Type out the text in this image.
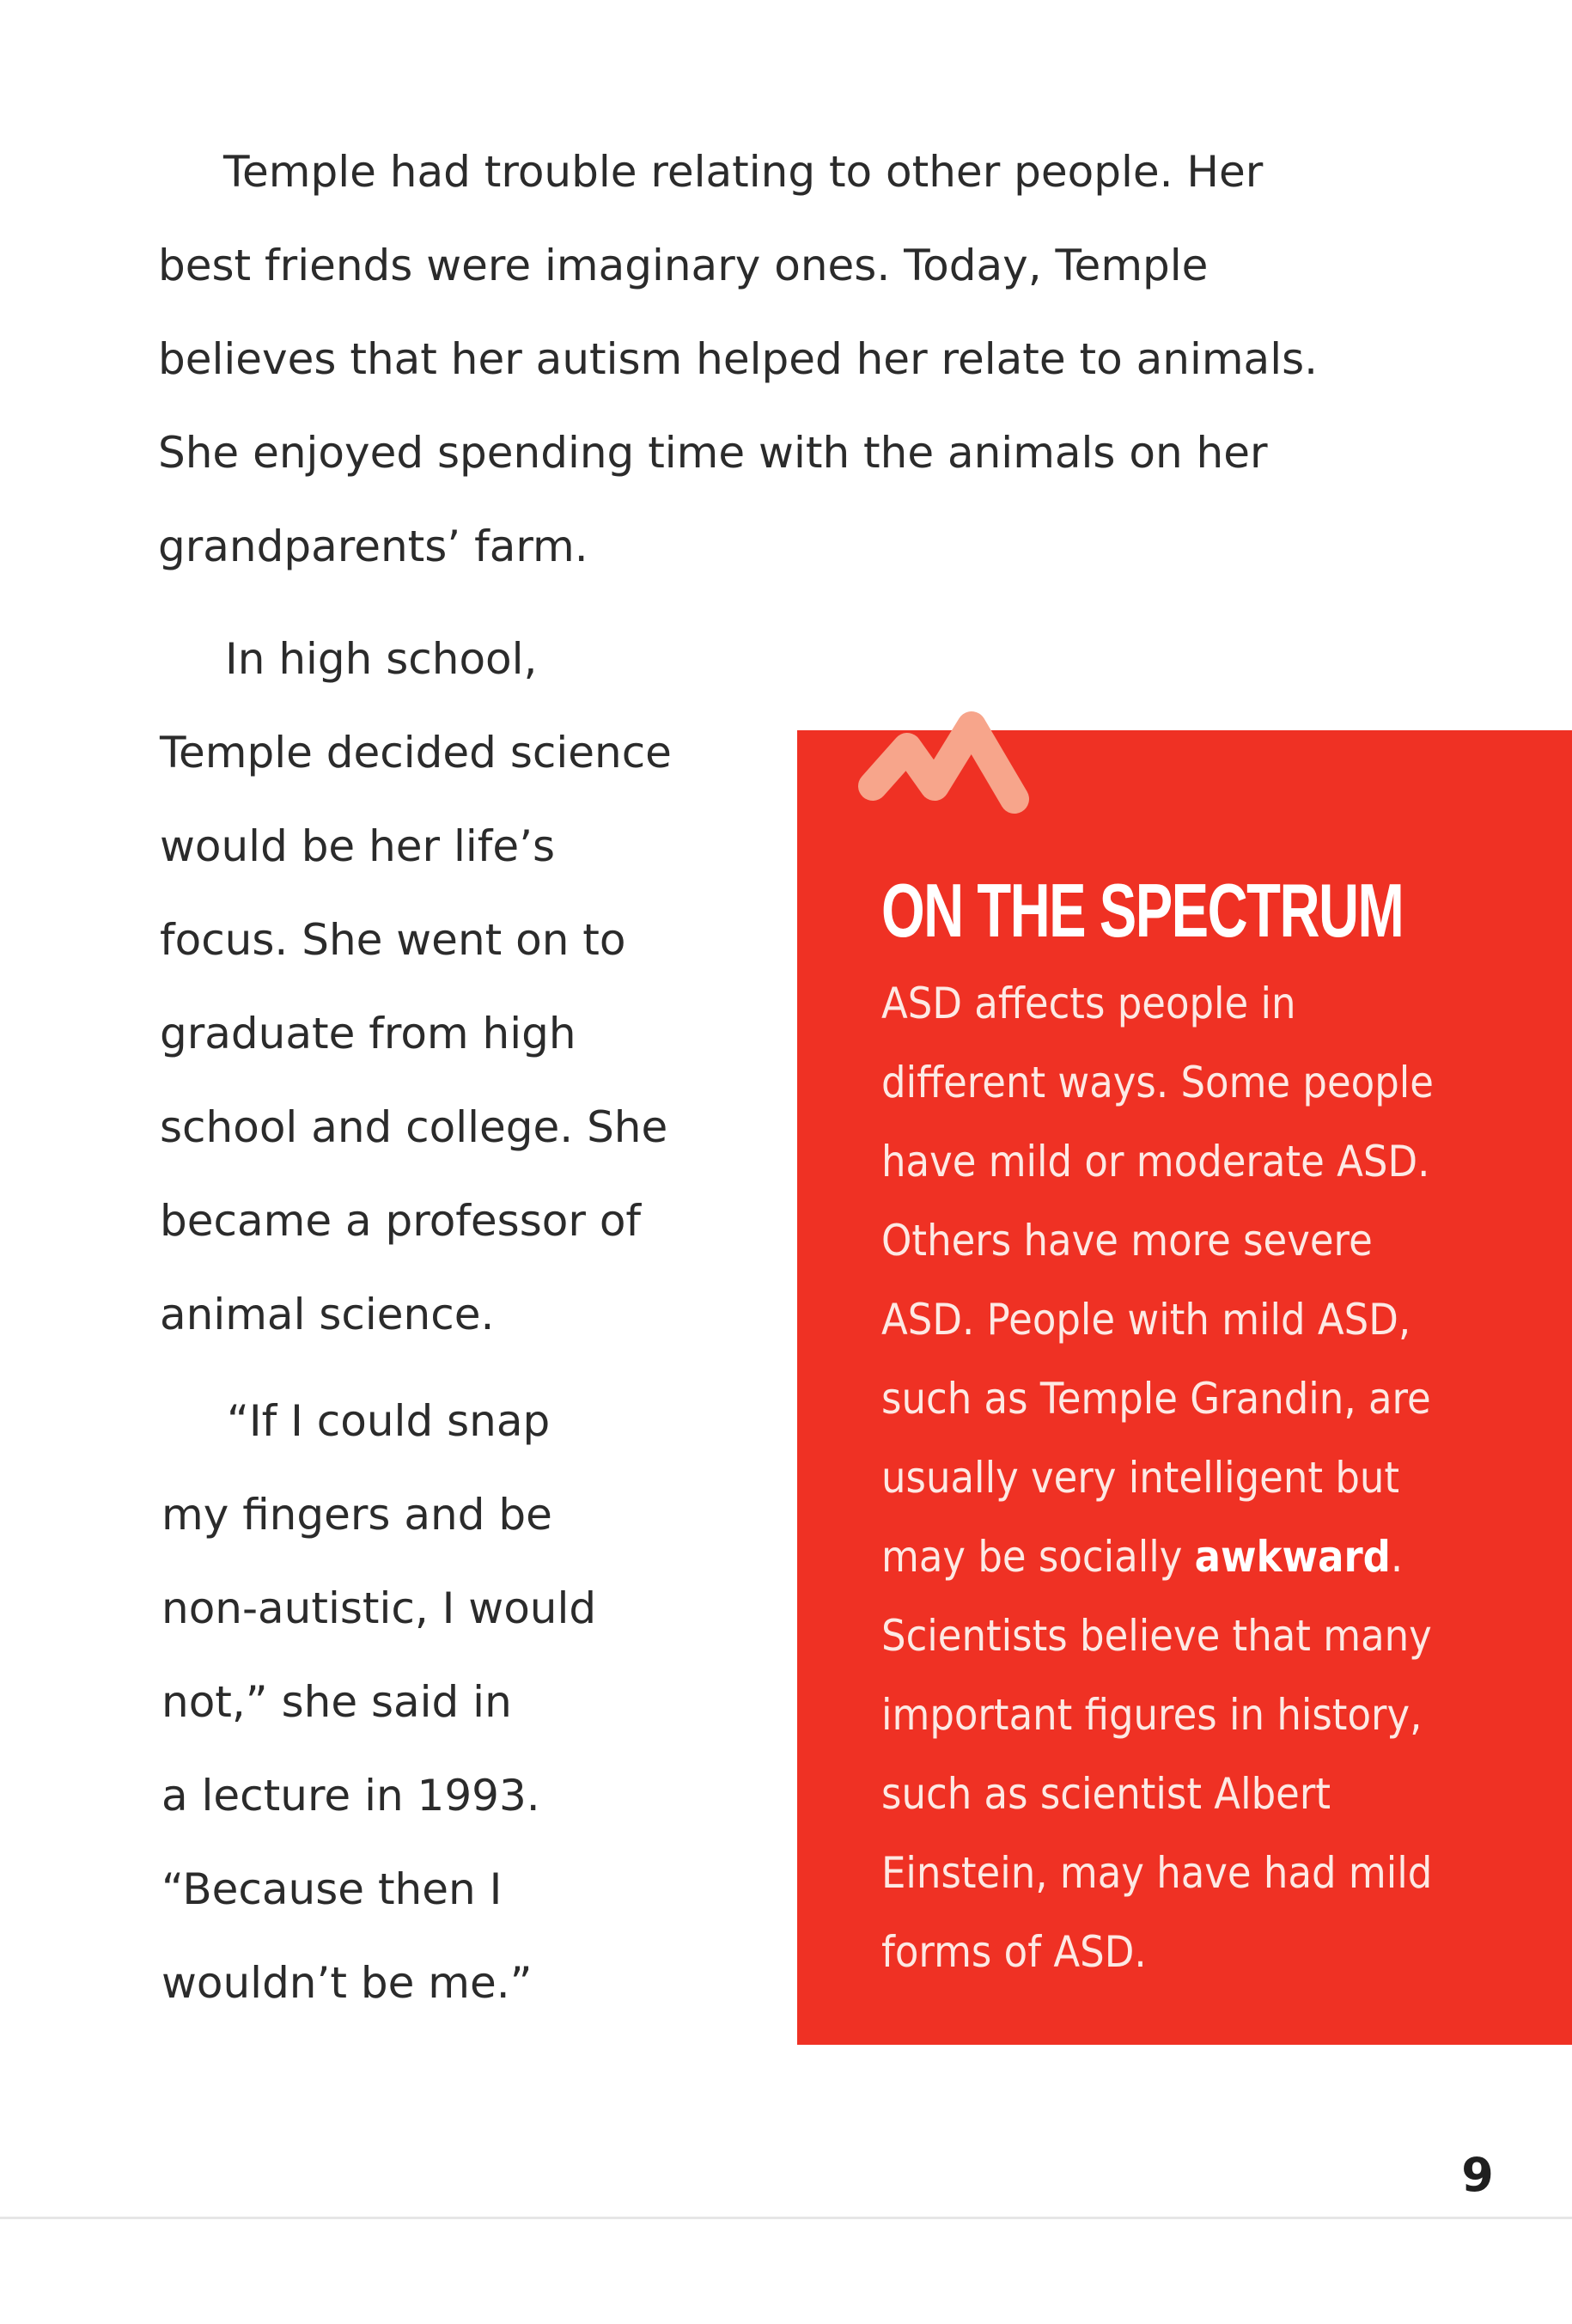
Temple had trouble relating to other people. Her
best friends were imaginary ones. Today, Temple
believes that her autism helped her relate to animals.
She enjoyed spending time with the animals on her
grandparents’ farm.

In high school,
Temple decided science
would be her life’s
focus. She went on to
graduate from high
school and college. She
became a professor of
animal science.

“If I could snap
my fingers and be
non-autistic, I would
not,” she said in
a lecture in 1993.
“Because then I
wouldn’t be me.”

ON THE SPECTRUM

ASD affects people in
different ways. Some people
have mild or moderate ASD.
Others have more severe
ASD. People with mild ASD,
such as Temple Grandin, are
usually very intelligent but
may be socially awkward.
Scientists believe that many
important figures in history,
such as scientist Albert
Einstein, may have had mild
forms of ASD.

9
